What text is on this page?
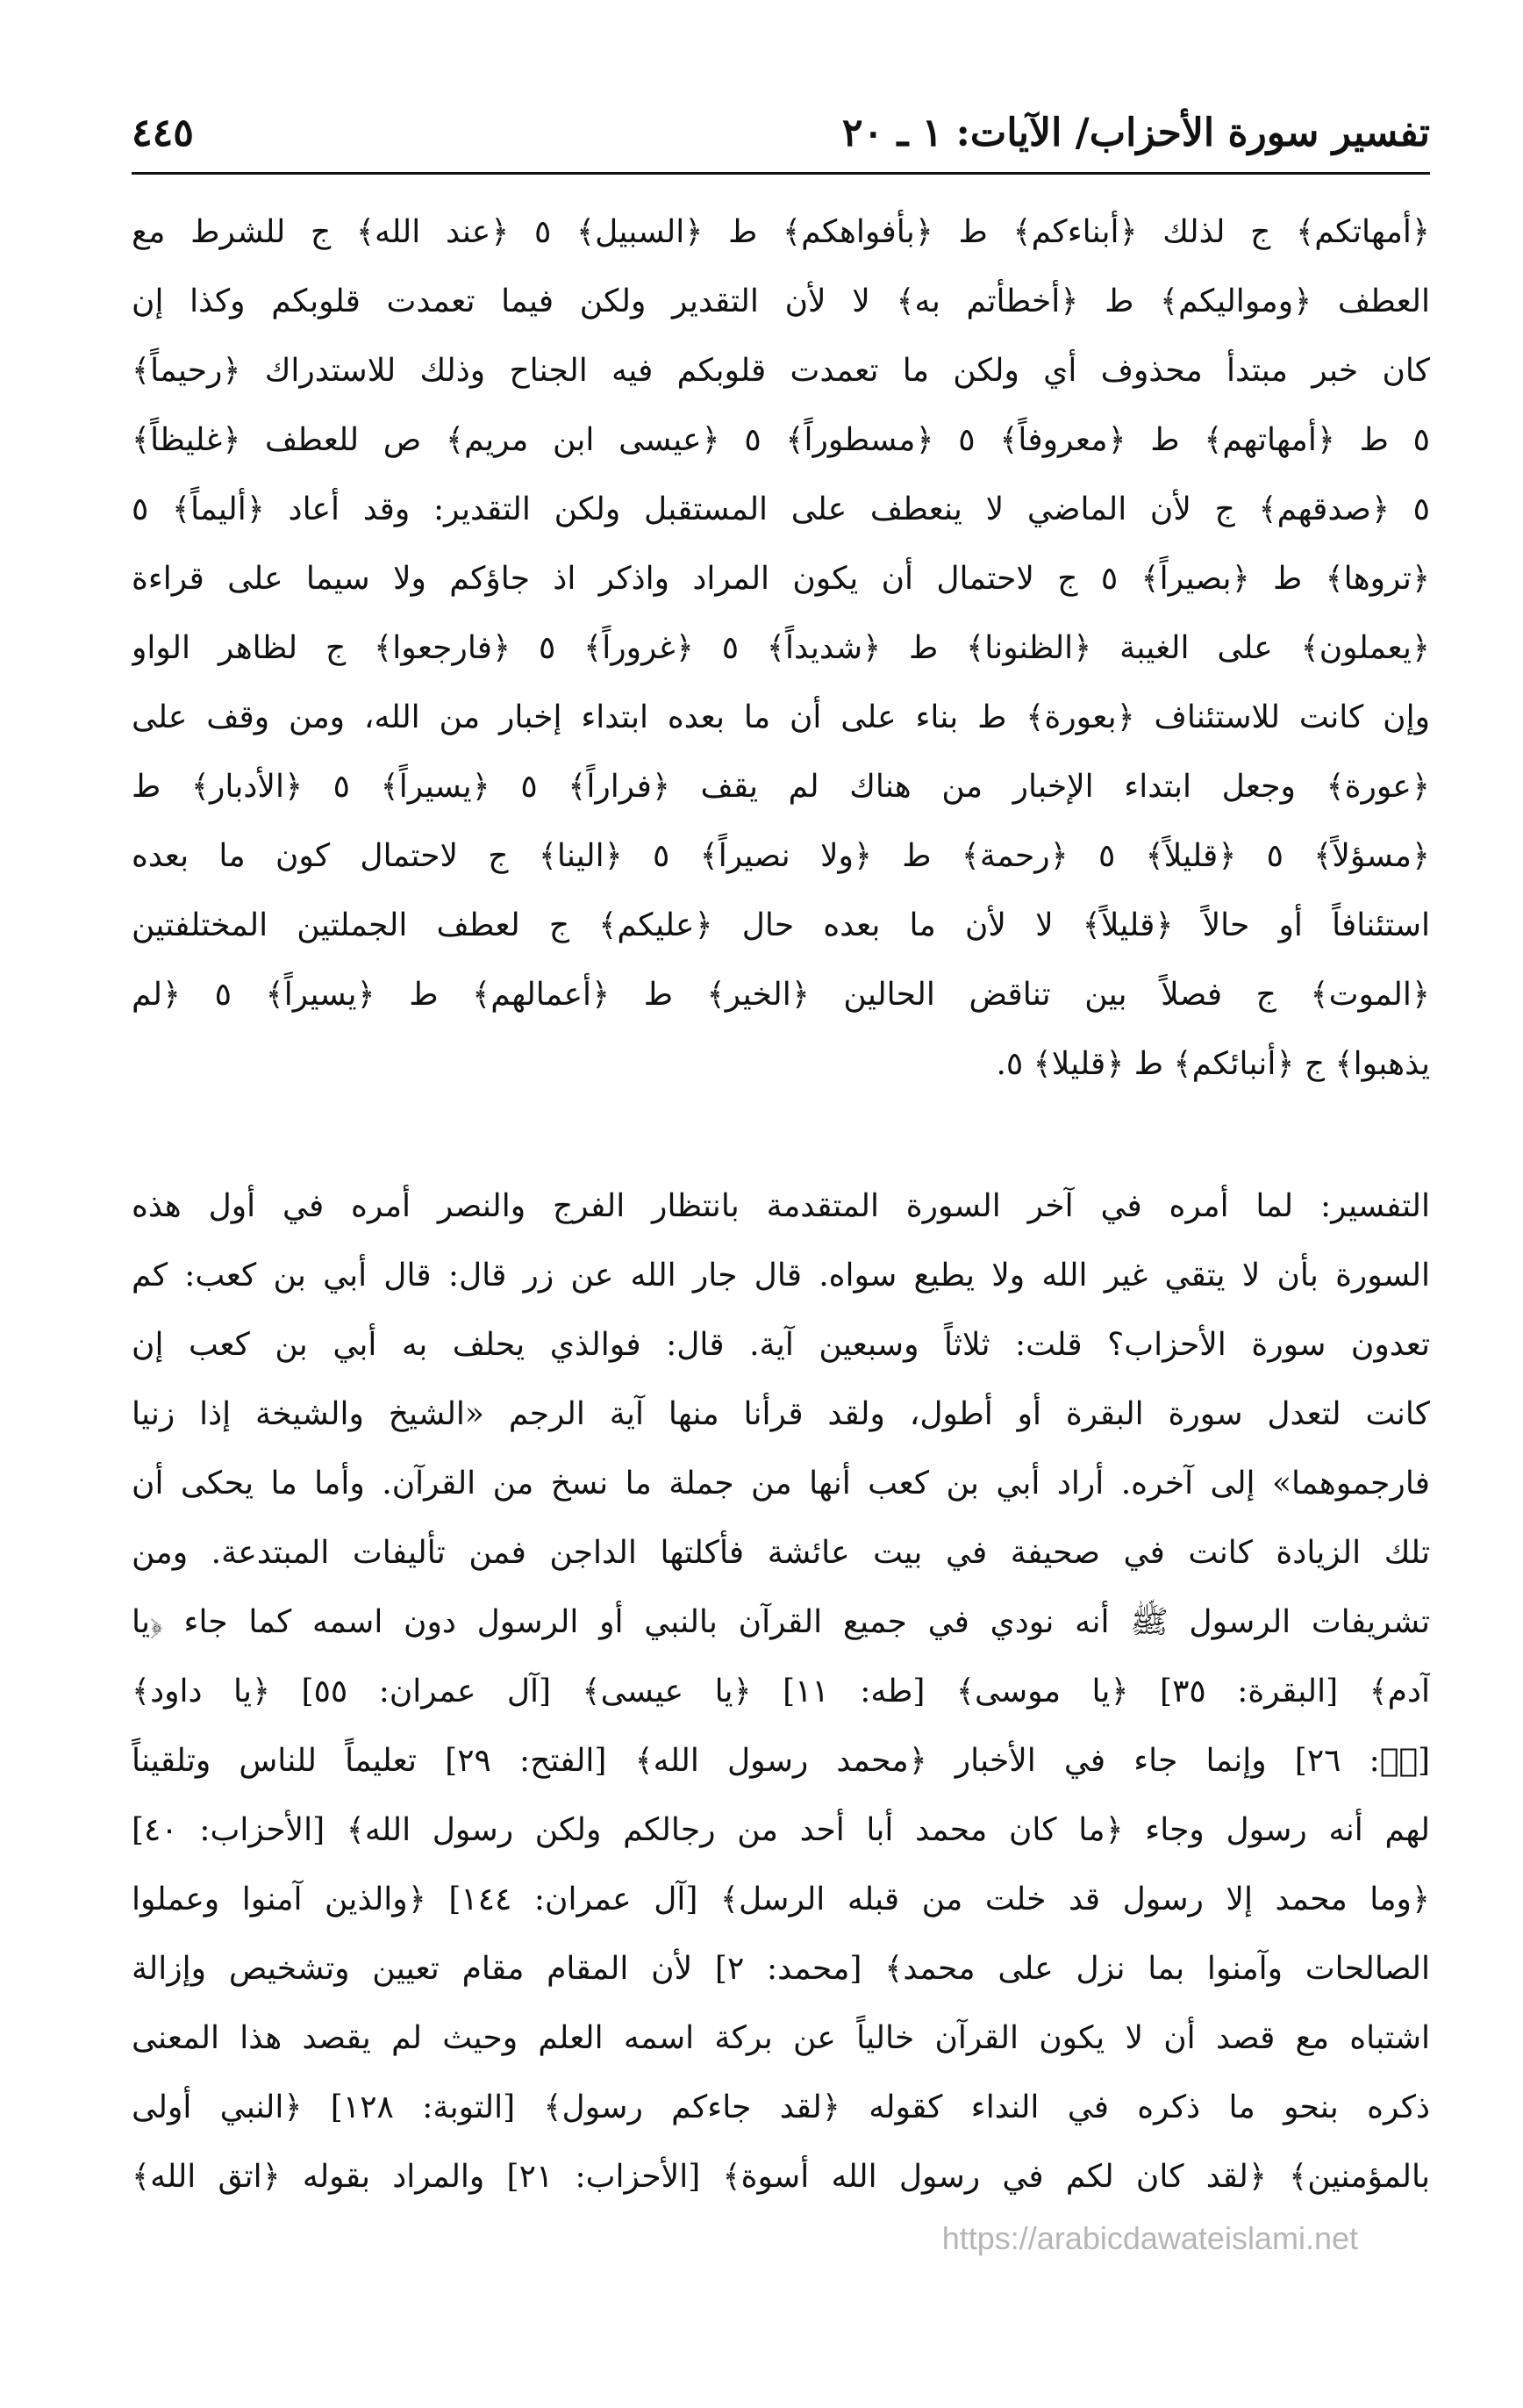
تفسير سورة الأحزاب/ الآيات: ١ ـ ٢٠
٤٤٥
﴿أمهاتكم﴾ ج لذلك ﴿أبناءكم﴾ ط ﴿بأفواهكم﴾ ط ﴿السبيل﴾ ٥ ﴿عند الله﴾ ج للشرط مع
العطف ﴿ومواليكم﴾ ط ﴿أخطأتم به﴾ لا لأن التقدير ولكن فيما تعمدت قلوبكم وكذا إن
كان خبر مبتدأ محذوف أي ولكن ما تعمدت قلوبكم فيه الجناح وذلك للاستدراك ﴿رحيماً﴾
٥ ط ﴿أمهاتهم﴾ ط ﴿معروفاً﴾ ٥ ﴿مسطوراً﴾ ٥ ﴿عيسى ابن مريم﴾ ص للعطف ﴿غليظاً﴾
٥ ﴿صدقهم﴾ ج لأن الماضي لا ينعطف على المستقبل ولكن التقدير: وقد أعاد ﴿أليماً﴾ ٥
﴿تروها﴾ ط ﴿بصيراً﴾ ٥ ج لاحتمال أن يكون المراد واذكر اذ جاؤكم ولا سيما على قراءة
﴿يعملون﴾ على الغيبة ﴿الظنونا﴾ ط ﴿شديداً﴾ ٥ ﴿غروراً﴾ ٥ ﴿فارجعوا﴾ ج لظاهر الواو
وإن كانت للاستئناف ﴿بعورة﴾ ط بناء على أن ما بعده ابتداء إخبار من الله، ومن وقف على
﴿عورة﴾ وجعل ابتداء الإخبار من هناك لم يقف ﴿فراراً﴾ ٥ ﴿يسيراً﴾ ٥ ﴿الأدبار﴾ ط
﴿مسؤلاً﴾ ٥ ﴿قليلاً﴾ ٥ ﴿رحمة﴾ ط ﴿ولا نصيراً﴾ ٥ ﴿الينا﴾ ج لاحتمال كون ما بعده
استئنافاً أو حالاً ﴿قليلاً﴾ لا لأن ما بعده حال ﴿عليكم﴾ ج لعطف الجملتين المختلفتين
﴿الموت﴾ ج فصلاً بين تناقض الحالين ﴿الخير﴾ ط ﴿أعمالهم﴾ ط ﴿يسيراً﴾ ٥ ﴿لم
يذهبوا﴾ ج ﴿أنبائكم﴾ ط ﴿قليلا﴾ ٥.
التفسير: لما أمره في آخر السورة المتقدمة بانتظار الفرج والنصر أمره في أول هذه
السورة بأن لا يتقي غير الله ولا يطيع سواه. قال جار الله عن زر قال: قال أبي بن كعب: كم
تعدون سورة الأحزاب؟ قلت: ثلاثاً وسبعين آية. قال: فوالذي يحلف به أبي بن كعب إن
كانت لتعدل سورة البقرة أو أطول، ولقد قرأنا منها آية الرجم «الشيخ والشيخة إذا زنيا
فارجموهما» إلى آخره. أراد أبي بن كعب أنها من جملة ما نسخ من القرآن. وأما ما يحكى أن
تلك الزيادة كانت في صحيفة في بيت عائشة فأكلتها الداجن فمن تأليفات المبتدعة. ومن
تشريفات الرسول ﷺ أنه نودي في جميع القرآن بالنبي أو الرسول دون اسمه كما جاء ﴿يا
آدم﴾ [البقرة: ٣٥] ﴿يا موسى﴾ [طه: ١١] ﴿يا عيسى﴾ [آل عمران: ٥٥] ﴿يا داود﴾
[صۤ: ٢٦] وإنما جاء في الأخبار ﴿محمد رسول الله﴾ [الفتح: ٢٩] تعليماً للناس وتلقيناً
لهم أنه رسول وجاء ﴿ما كان محمد أبا أحد من رجالكم ولكن رسول الله﴾ [الأحزاب: ٤٠]
﴿وما محمد إلا رسول قد خلت من قبله الرسل﴾ [آل عمران: ١٤٤] ﴿والذين آمنوا وعملوا
الصالحات وآمنوا بما نزل على محمد﴾ [محمد: ٢] لأن المقام مقام تعيين وتشخيص وإزالة
اشتباه مع قصد أن لا يكون القرآن خالياً عن بركة اسمه العلم وحيث لم يقصد هذا المعنى
ذكره بنحو ما ذكره في النداء كقوله ﴿لقد جاءكم رسول﴾ [التوبة: ١٢٨] ﴿النبي أولى
بالمؤمنين﴾ ﴿لقد كان لكم في رسول الله أسوة﴾ [الأحزاب: ٢١] والمراد بقوله ﴿اتق الله﴾
https://arabicdawateislami.net
